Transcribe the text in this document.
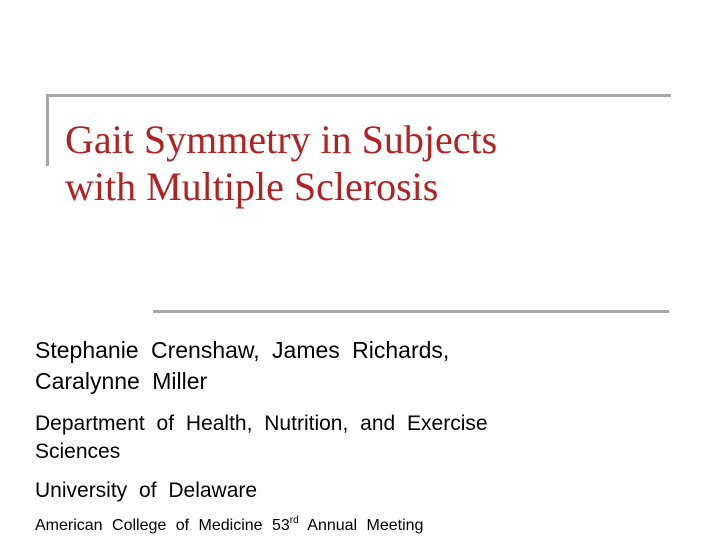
Gait Symmetry in Subjects
with Multiple Sclerosis
Stephanie Crenshaw, James Richards,
Caralynne Miller
Department of Health, Nutrition, and Exercise
Sciences
University of Delaware
American College of Medicine 53rd Annual Meeting
